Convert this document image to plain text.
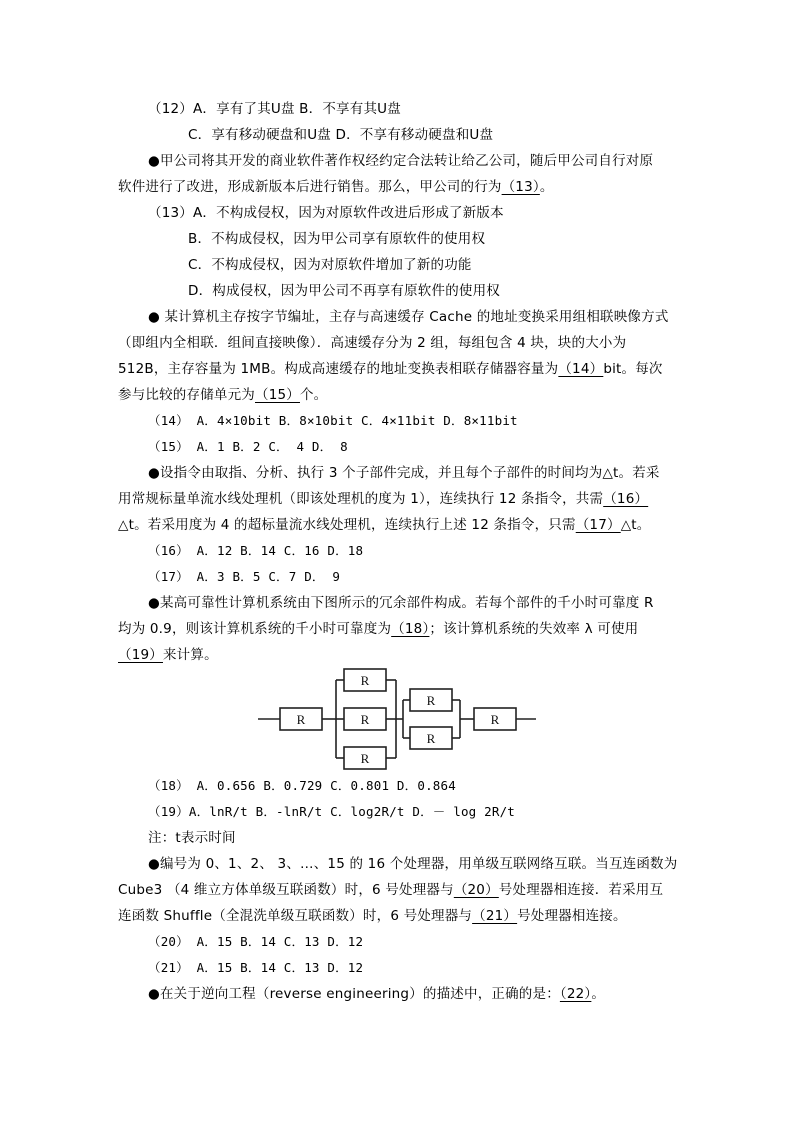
（12）A．享有了其U盘 B．不享有其U盘
C．享有移动硬盘和U盘 D．不享有移动硬盘和U盘
●甲公司将其开发的商业软件著作权经约定合法转让给乙公司，随后甲公司自行对原
软件进行了改进，形成新版本后进行销售。那么，甲公司的行为（13）。
（13）A．不构成侵权，因为对原软件改进后形成了新版本
B．不构成侵权，因为甲公司享有原软件的使用权
C．不构成侵权，因为对原软件增加了新的功能
D．构成侵权，因为甲公司不再享有原软件的使用权
● 某计算机主存按字节编址，主存与高速缓存 Cache 的地址变换采用组相联映像方式
（即组内全相联．组间直接映像）．高速缓存分为 2 组，每组包含 4 块，块的大小为
512B，主存容量为 1MB。构成高速缓存的地址变换表相联存储器容量为（14）bit。每次
参与比较的存储单元为（15）个。
（14） A．4×10bit B．8×10bit C．4×11bit D．8×11bit
（15） A．1 B．2 C． 4 D． 8
●设指令由取指、分析、执行 3 个子部件完成，并且每个子部件的时间均为△t。若采
用常规标量单流水线处理机（即该处理机的度为 1），连续执行 12 条指令，共需（16）
△t。若采用度为 4 的超标量流水线处理机，连续执行上述 12 条指令，只需（17）△t。
（16） A．12 B．14 C．16 D．18
（17） A．3 B．5 C．7 D． 9
●某高可靠性计算机系统由下图所示的冗余部件构成。若每个部件的千小时可靠度 R
均为 0.9，则该计算机系统的千小时可靠度为（18）；该计算机系统的失效率 λ 可使用
（19）来计算。
R
R
R
R
R
R
R
（18） A．0.656 B．0.729 C．0.801 D．0.864
（19）A．lnR/t B．-lnR/t C．log2R/t D．－ log 2R/t
注：t表示时间
●编号为 0、1、2、 3、…、15 的 16 个处理器，用单级互联网络互联。当互连函数为
Cube3 （4 维立方体单级互联函数）时，6 号处理器与（20）号处理器相连接．若采用互
连函数 Shuffle（全混洗单级互联函数）时，6 号处理器与（21）号处理器相连接。
（20） A．15 B．14 C．13 D．12
（21） A．15 B．14 C．13 D．12
●在关于逆向工程（reverse engineering）的描述中，正确的是：（22）。
